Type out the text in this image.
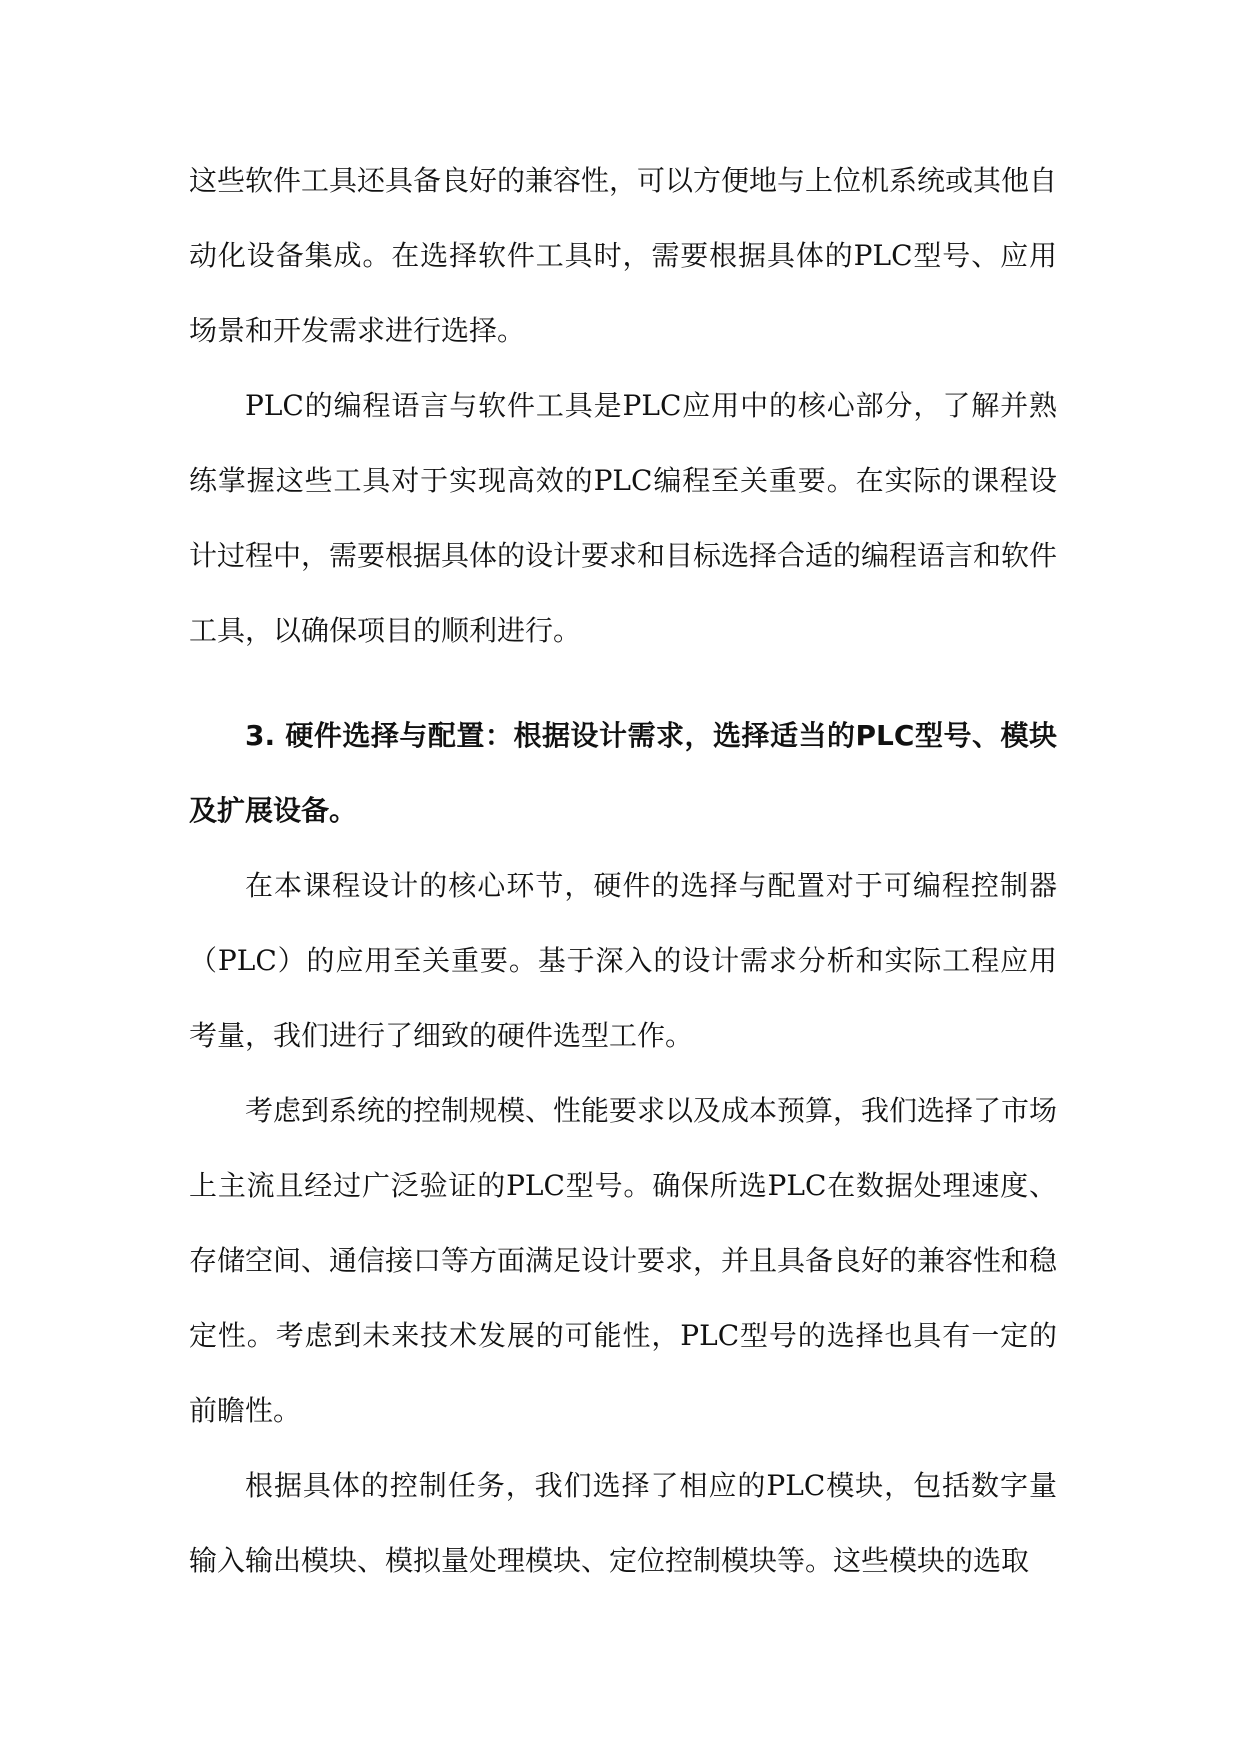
这些软件工具还具备良好的兼容性，可以方便地与上位机系统或其他自动化设备集成。在选择软件工具时，需要根据具体的PLC型号、应用场景和开发需求进行选择。

PLC的编程语言与软件工具是PLC应用中的核心部分，了解并熟练掌握这些工具对于实现高效的PLC编程至关重要。在实际的课程设计过程中，需要根据具体的设计要求和目标选择合适的编程语言和软件工具，以确保项目的顺利进行。

3. 硬件选择与配置：根据设计需求，选择适当的PLC型号、模块及扩展设备。

在本课程设计的核心环节，硬件的选择与配置对于可编程控制器（PLC）的应用至关重要。基于深入的设计需求分析和实际工程应用考量，我们进行了细致的硬件选型工作。

考虑到系统的控制规模、性能要求以及成本预算，我们选择了市场上主流且经过广泛验证的PLC型号。确保所选PLC在数据处理速度、存储空间、通信接口等方面满足设计要求，并且具备良好的兼容性和稳定性。考虑到未来技术发展的可能性，PLC型号的选择也具有一定的前瞻性。

根据具体的控制任务，我们选择了相应的PLC模块，包括数字量输入输出模块、模拟量处理模块、定位控制模块等。这些模块的选取
